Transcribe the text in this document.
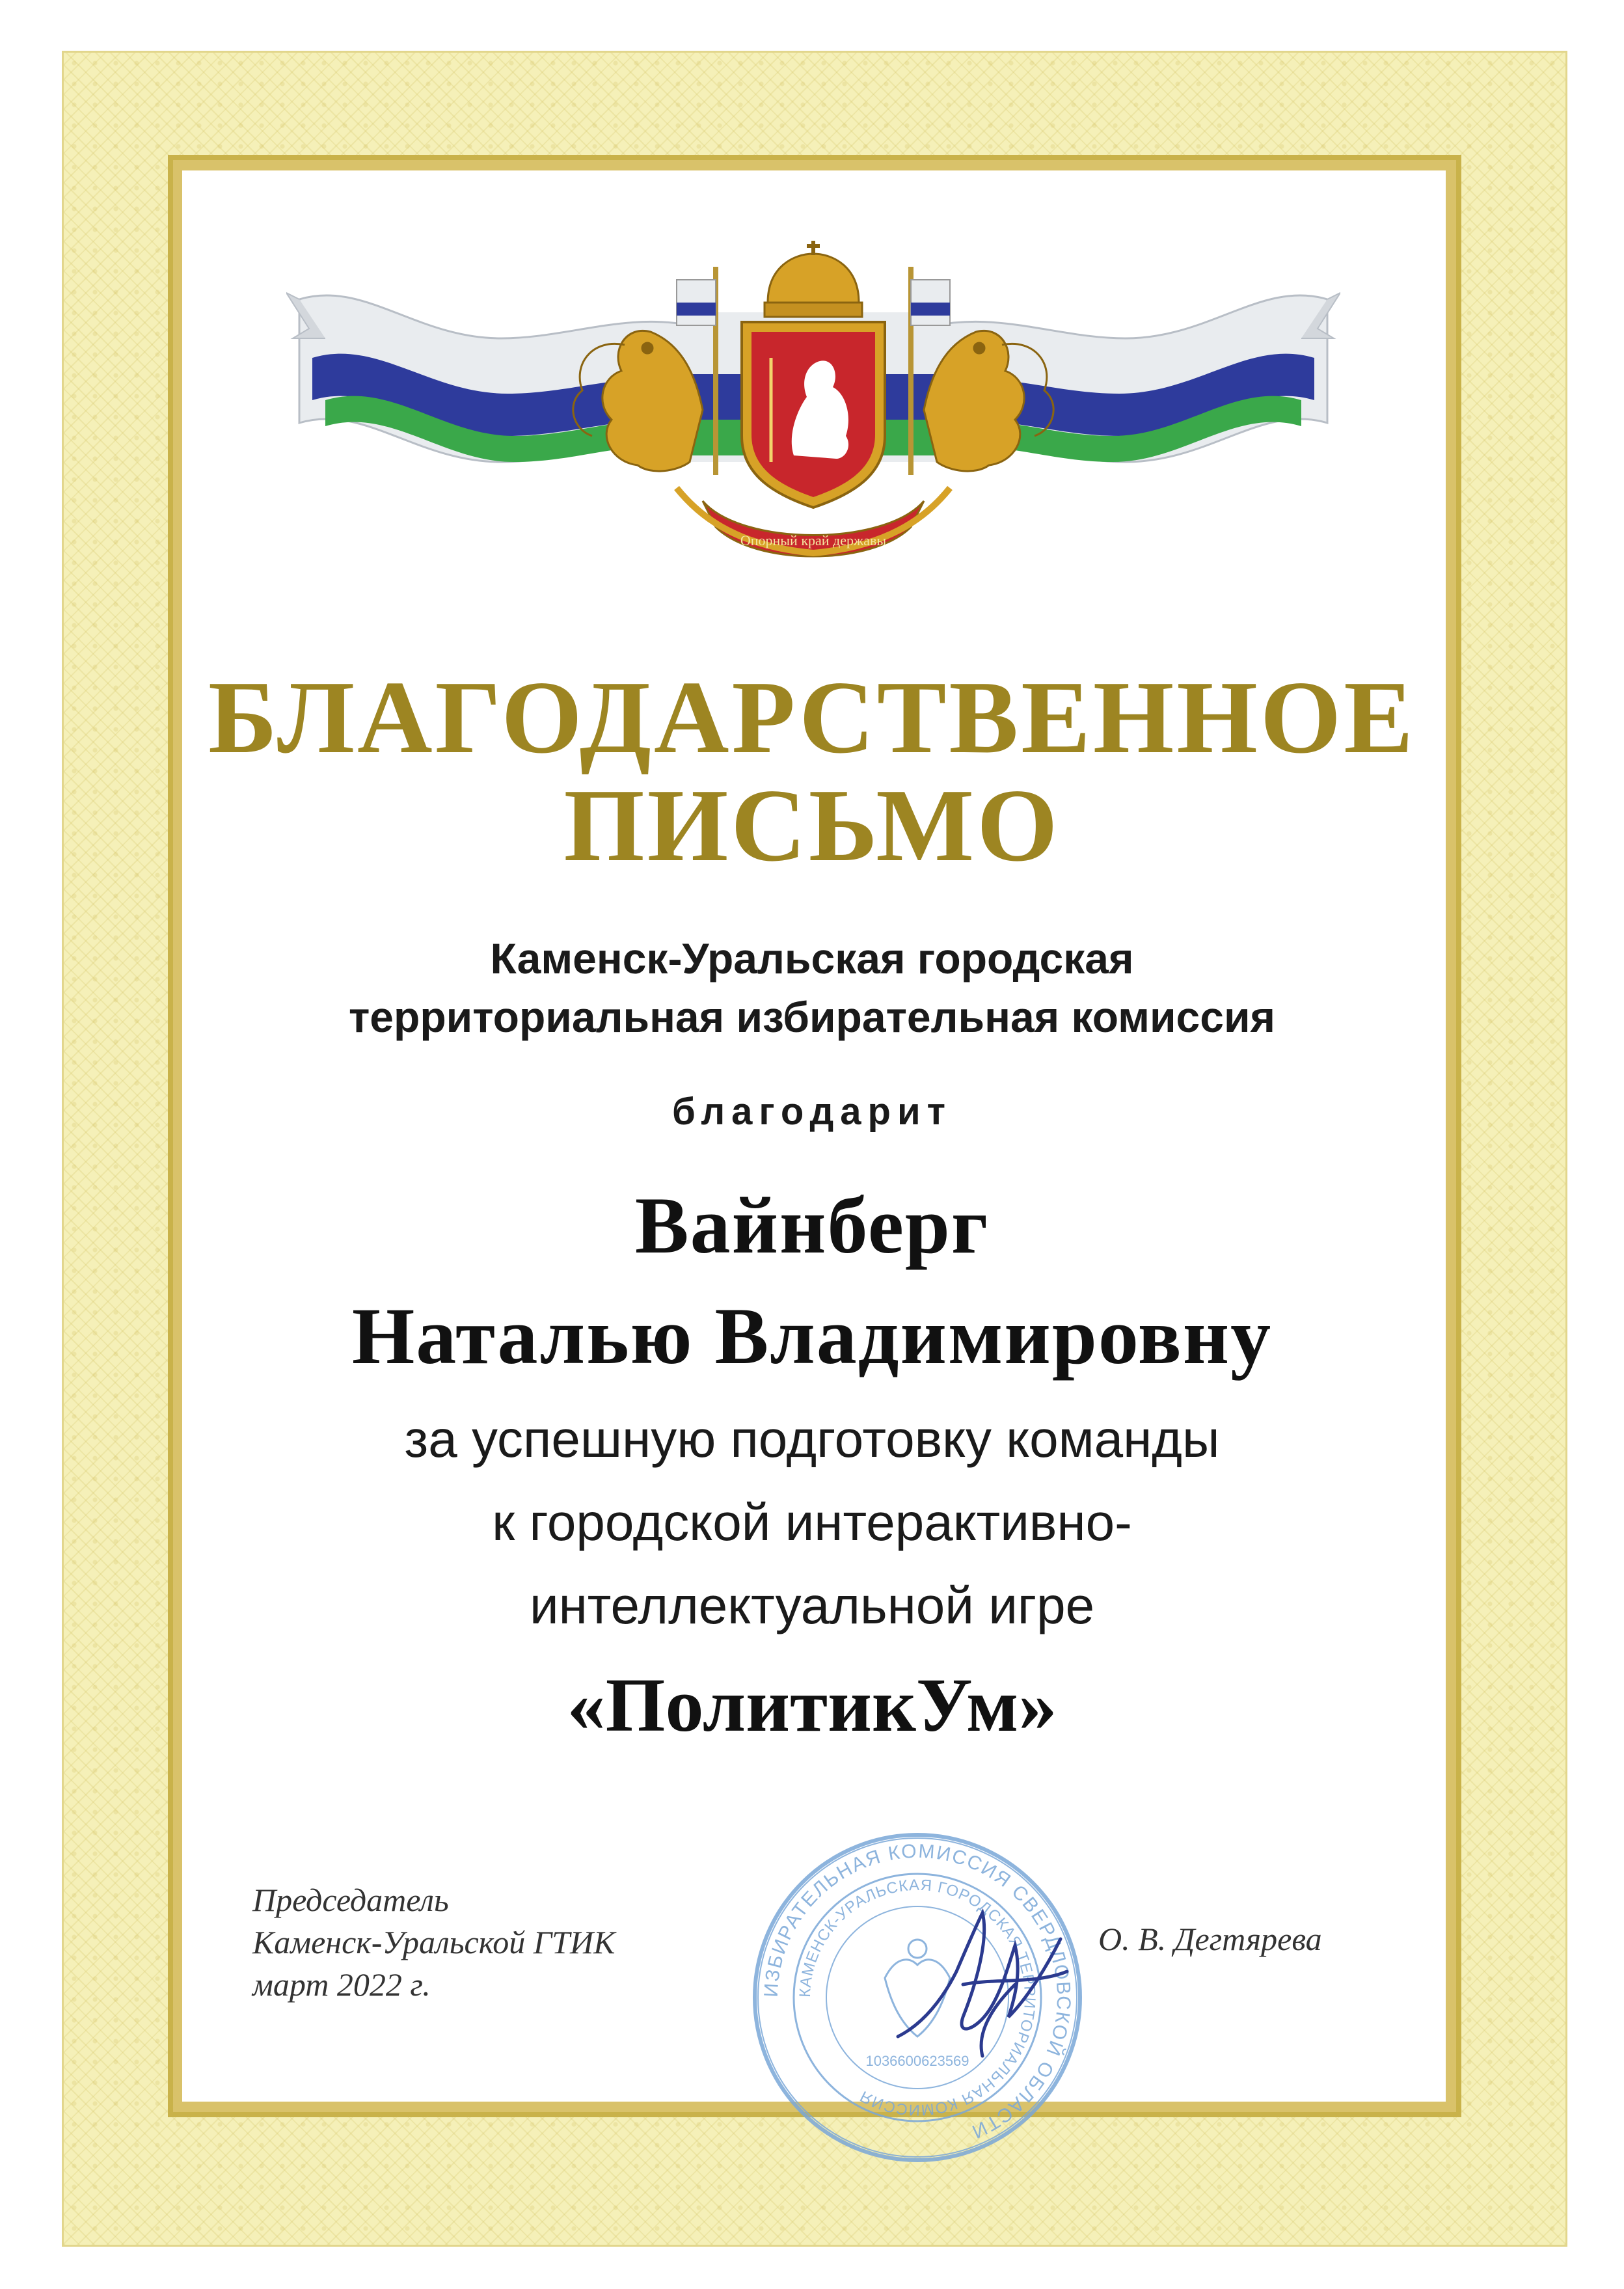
Опорный край державы
БЛАГОДАРСТВЕННОЕ
ПИСЬМО
Каменск-Уральская городская
территориальная избирательная комиссия
благодарит
Вайнберг
Наталью Владимировну
за успешную подготовку команды
к городской интерактивно-
интеллектуальной игре
«ПолитикУм»
Председатель
Каменск-Уральской ГТИК
март 2022 г.	ИЗБИРАТЕЛЬНАЯ КОМИССИЯ СВЕРДЛОВСКОЙ ОБЛАСТИ
КАМЕНСК-УРАЛЬСКАЯ ГОРОДСКАЯ ТЕРРИТОРИАЛЬНАЯ КОМИССИЯ
1036600623569
О. В. Дегтярева
